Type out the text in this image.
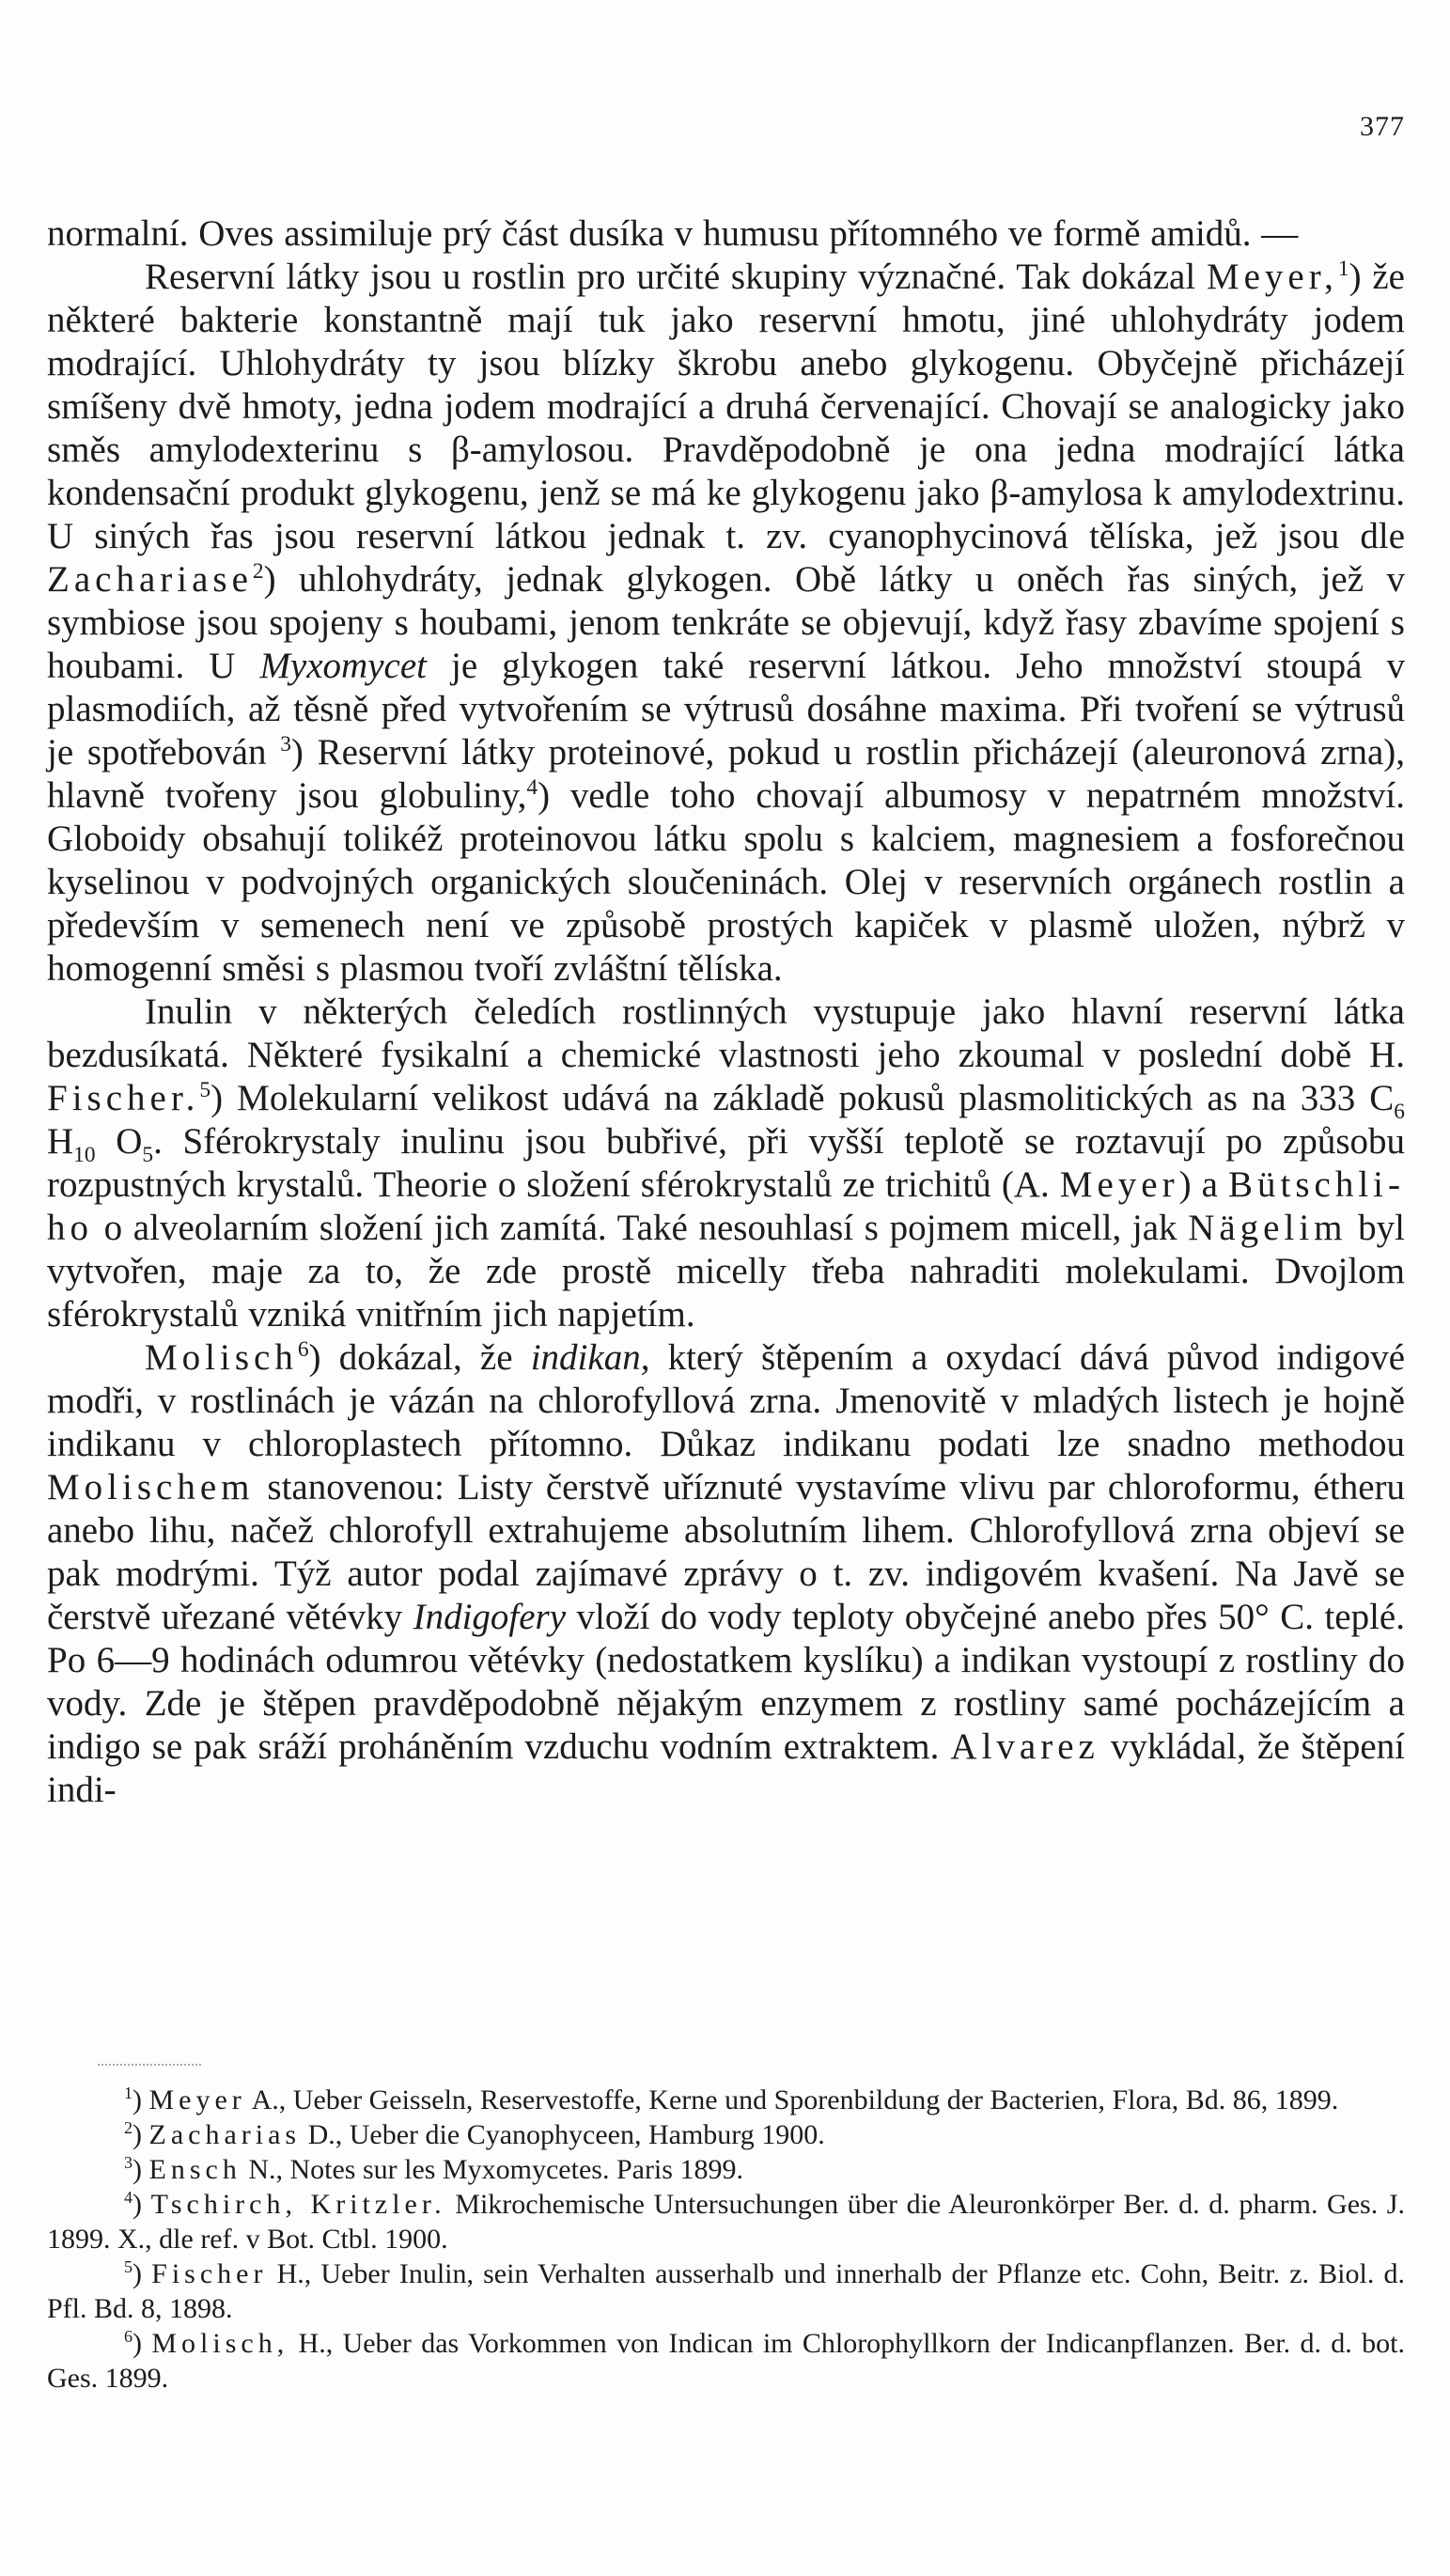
377

normalní. Oves assimiluje prý část dusíka v humusu přítomného ve formě amidů. —

Reservní látky jsou u rostlin pro určité skupiny význačné. Tak dokázal Meyer,$^1$) že některé bakterie konstantně mají tuk jako reservní hmotu, jiné uhlohydráty jodem modrající. Uhlohydráty ty jsou blízky škrobu anebo glykogenu. Obyčejně přicházejí smíšeny dvě hmoty, jedna jodem modrající a druhá červenající. Chovají se analogicky jako směs amylodexterinu s β-amylosou. Pravděpodobně je ona jedna modrající látka kondensační produkt glykogenu, jenž se má ke glykogenu jako β-amylosa k amylodextrinu. U siných řas jsou reservní látkou jednak t. zv. cyanophycinová tělíska, jež jsou dle Zachariase$^2$) uhlohydráty, jednak glykogen. Obě látky u oněch řas siných, jež v symbiose jsou spojeny s houbami, jenom tenkráte se objevují, když řasy zbavíme spojení s houbami. U Myxomycet je glykogen také reservní látkou. Jeho množství stoupá v plasmodiích, až těsně před vytvořením se výtrusů dosáhne maxima. Při tvoření se výtrusů je spotřebován $^3$) Reservní látky proteinové, pokud u rostlin přicházejí (aleuronová zrna), hlavně tvořeny jsou globuliny,$^4$) vedle toho chovají albumosy v nepatrném množství. Globoidy obsahují tolikéž proteinovou látku spolu s kalciem, magnesiem a fosforečnou kyselinou v podvojných organických sloučeninách. Olej v reservních orgánech rostlin a především v semenech není ve způsobě prostých kapiček v plasmě uložen, nýbrž v homogenní směsi s plasmou tvoří zvláštní tělíska.

Inulin v některých čeledích rostlinných vystupuje jako hlavní reservní látka bezdusíkatá. Některé fysikalní a chemické vlastnosti jeho zkoumal v poslední době H. Fischer.$^5$) Molekularní velikost udává na základě pokusů plasmolitických as na 333 $C_6$ $H_{10}$ $O_5$. Sférokrystaly inulinu jsou bubřivé, při vyšší teplotě se roztavují po způsobu rozpustných krystalů. Theorie o složení sférokrystalů ze trichitů (A. Meyer) a Bütschli-ho o alveolarním složení jich zamítá. Také nesouhlasí s pojmem micell, jak Nägelim byl vytvořen, maje za to, že zde prostě micelly třeba nahraditi molekulami. Dvojlom sférokrystalů vzniká vnitřním jich napjetím.

Molisch$^6$) dokázal, že indikan, který štěpením a oxydací dává původ indigové modři, v rostlinách je vázán na chlorofyllová zrna. Jmenovitě v mladých listech je hojně indikanu v chloroplastech přítomno. Důkaz indikanu podati lze snadno methodou Molischem stanovenou: Listy čerstvě uříznuté vystavíme vlivu par chloroformu, étheru anebo lihu, načež chlorofyll extrahujeme absolutním lihem. Chlorofyllová zrna objeví se pak modrými. Týž autor podal zajímavé zprávy o t. zv. indigovém kvašení. Na Javě se čerstvě uřezané větévky Indigofery vloží do vody teploty obyčejné anebo přes 50° C. teplé. Po 6—9 hodinách odumrou větévky (nedostatkem kyslíku) a indikan vystoupí z rostliny do vody. Zde je štěpen pravděpodobně nějakým enzymem z rostliny samé pocházejícím a indigo se pak sráží proháněním vzduchu vodním extraktem. Alvarez vykládal, že štěpení indi-

$^1$) Meyer A., Ueber Geisseln, Reservestoffe, Kerne und Sporenbildung der Bacterien, Flora, Bd. 86, 1899.

$^2$) Zacharias D., Ueber die Cyanophyceen, Hamburg 1900.

$^3$) Ensch N., Notes sur les Myxomycetes. Paris 1899.

$^4$) Tschirch, Kritzler. Mikrochemische Untersuchungen über die Aleuronkörper Ber. d. d. pharm. Ges. J. 1899. X., dle ref. v Bot. Ctbl. 1900.

$^5$) Fischer H., Ueber Inulin, sein Verhalten ausserhalb und innerhalb der Pflanze etc. Cohn, Beitr. z. Biol. d. Pfl. Bd. 8, 1898.

$^6$) Molisch, H., Ueber das Vorkommen von Indican im Chlorophyllkorn der Indicanpflanzen. Ber. d. d. bot. Ges. 1899.
